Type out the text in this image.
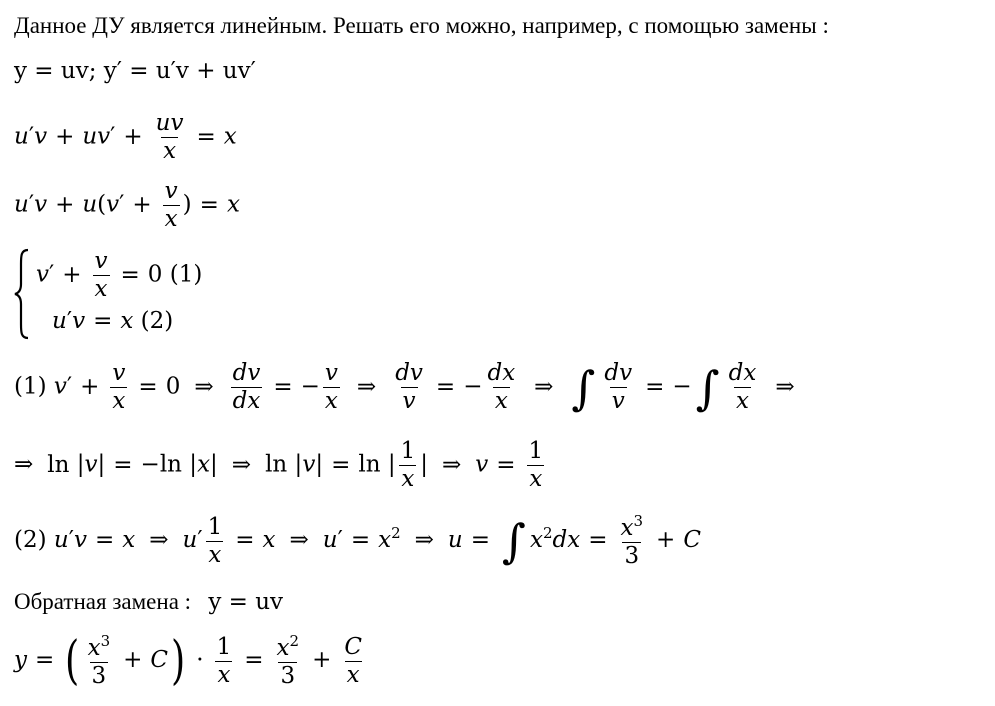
Данное ДУ является линейным. Решать его можно, например, с помощью замены :
y = uv; y′ = u′v + uv′
$u'v + uv' + \frac{uv}{x} = x$
$u'v + u(v' + \frac{v}{x}$ ) = x
$v' + \frac{v}{x} = 0$ (1)
u′v = x (2)
(1) $v' + \frac{v}{x} = 0$ ⇒ $\frac{dv}{dx}$ = − $\frac{v}{x}$ ⇒ $\frac{dv}{v}$ = − $\frac{dx}{x}$ ⇒ ∫ $\frac{dv}{v}$ = −∫ $\frac{dx}{x}$ ⇒
⇒ ln |v| = −ln |x| ⇒ ln |v| = ln | $\frac{1}{x}$ | ⇒ $v = \frac{1}{x}$
(2) u′v = x ⇒ $u' \frac{1}{x} = x$ ⇒ $u' = x^2$ ⇒ u = ∫ $x^2dx = \frac{x^3}{3} + C$
Обратная замена : y = uv
y = ( $\frac{x^3}{3} + C) \cdot \frac{1}{x} = \frac{x^2}{3} + \frac{C}{x}$
